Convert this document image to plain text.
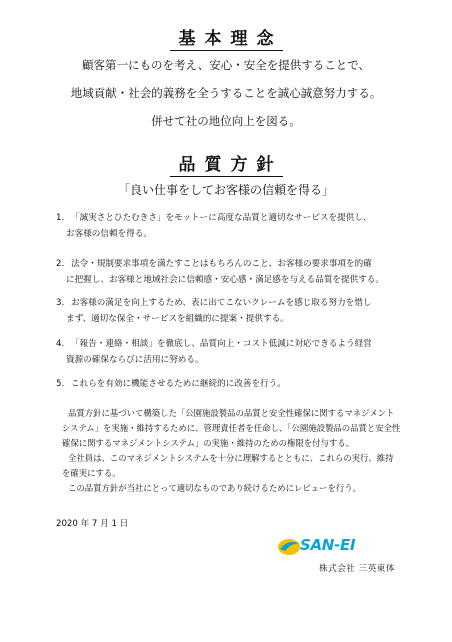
基本理念
顧客第一にものを考え、安心・安全を提供することで、
地域貢献・社会的義務を全うすることを誠心誠意努力する。
併せて社の地位向上を図る。
品質方針
「良い仕事をしてお客様の信頼を得る」
1. 「誠実さとひたむきさ」をモットーに高度な品質と適切なサービスを提供し、
お客様の信頼を得る。
2. 法令・規制要求事項を満たすことはもちろんのこと、お客様の要求事項を的確
に把握し、お客様と地域社会に信頼感・安心感・満足感を与える品質を提供する。
3. お客様の満足を向上するため、表に出てこないクレームを感じ取る努力を惜し
まず、適切な保全・サービスを組織的に提案・提供する。
4. 「報告・連絡・相談」を徹底し、品質向上・コスト低減に対応できるよう経営
資源の確保ならびに活用に努める。
5. これらを有効に機能させるために継続的に改善を行う。
品質方針に基づいて構築した「公園施設製品の品質と安全性確保に関するマネジメント
システム」を実施・維持するために、管理責任者を任命し、「公園施設製品の品質と安全性
確保に関するマネジメントシステム」の実施・維持のための権限を付与する。
全社員は、このマネジメントシステムを十分に理解するとともに、これらの実行、維持
を確実にする。
この品質方針が当社にとって適切なものであり続けるためにレビューを行う。
2020 年 7 月 1 日
SAN-EI
株式会社 三英東体
